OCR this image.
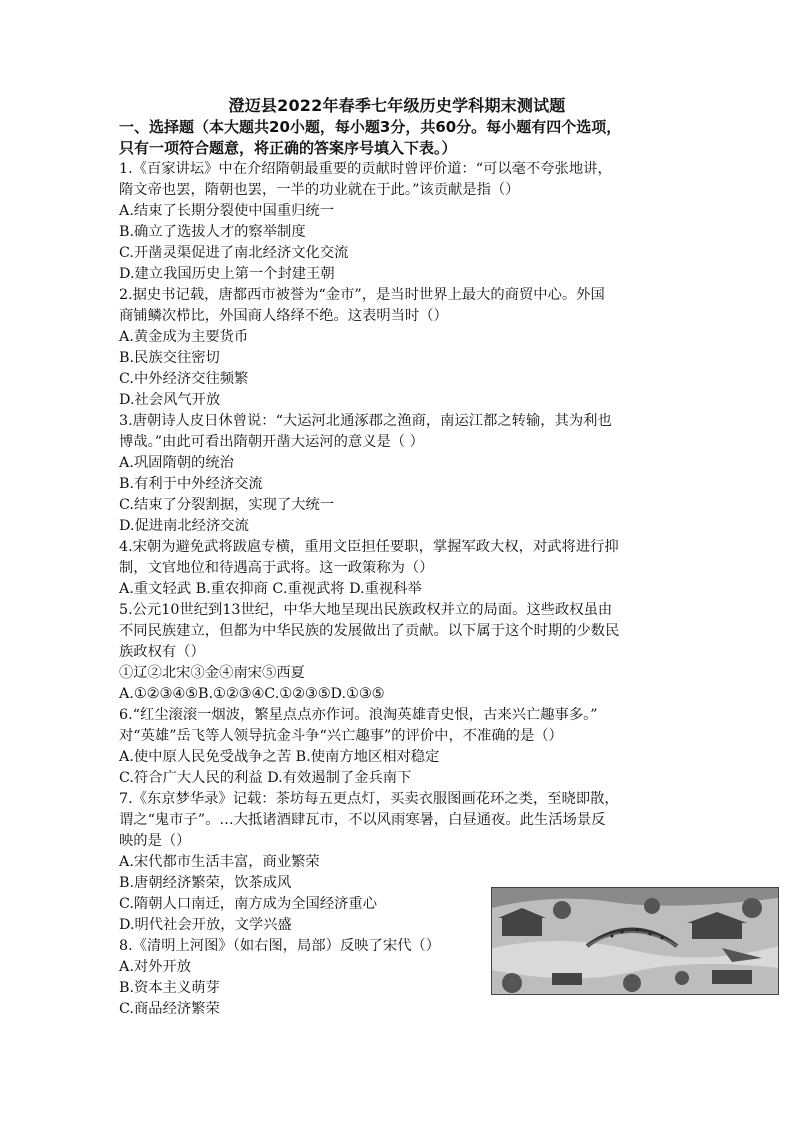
澄迈县2022年春季七年级历史学科期末测试题
一、选择题（本大题共20小题，每小题3分，共60分。每小题有四个选项，
只有一项符合题意，将正确的答案序号填入下表。）
1.《百家讲坛》中在介绍隋朝最重要的贡献时曾评价道：“可以毫不夸张地讲，
隋文帝也罢，隋朝也罢，一半的功业就在于此。”该贡献是指（）
A.结束了长期分裂使中国重归统一
B.确立了选拔人才的察举制度
C.开凿灵渠促进了南北经济文化交流
D.建立我国历史上第一个封建王朝
2.据史书记载，唐都西市被誉为“金市”，是当时世界上最大的商贸中心。外国
商铺鳞次栉比，外国商人络绎不绝。这表明当时（）
A.黄金成为主要货币
B.民族交往密切
C.中外经济交往频繁
D.社会风气开放
3.唐朝诗人皮日休曾说：“大运河北通涿郡之渔商，南运江都之转输，其为利也
博哉。”由此可看出隋朝开凿大运河的意义是（ ）
A.巩固隋朝的统治
B.有利于中外经济交流
C.结束了分裂割据，实现了大统一
D.促进南北经济交流
4.宋朝为避免武将跋扈专横，重用文臣担任要职，掌握军政大权，对武将进行抑
制，文官地位和待遇高于武将。这一政策称为（）
A.重文轻武 B.重农抑商 C.重视武将 D.重视科举
5.公元10世纪到13世纪，中华大地呈现出民族政权并立的局面。这些政权虽由
不同民族建立，但都为中华民族的发展做出了贡献。以下属于这个时期的少数民
族政权有（）
①辽②北宋③金④南宋⑤西夏
A.①②③④⑤B.①②③④C.①②③⑤D.①③⑤
6.“红尘滚滚一烟波，繁星点点亦作诃。浪淘英雄青史恨，古来兴亡趣事多。”
对“英雄”岳飞等人领导抗金斗争“兴亡趣事”的评价中，不准确的是（）
A.使中原人民免受战争之苦 B.使南方地区相对稳定
C.符合广大人民的利益 D.有效遏制了金兵南下
7.《东京梦华录》记载：茶坊每五更点灯，买卖衣服图画花环之类，至晓即散，
谓之“鬼市子”。…大抵诸酒肆瓦市，不以风雨寒暑，白昼通夜。此生活场景反
映的是（）
A.宋代都市生活丰富，商业繁荣
B.唐朝经济繁荣，饮茶成风
C.隋朝人口南迁，南方成为全国经济重心
D.明代社会开放，文学兴盛
8.《清明上河图》（如右图，局部）反映了宋代（）
A.对外开放
B.资本主义萌芽
C.商品经济繁荣
